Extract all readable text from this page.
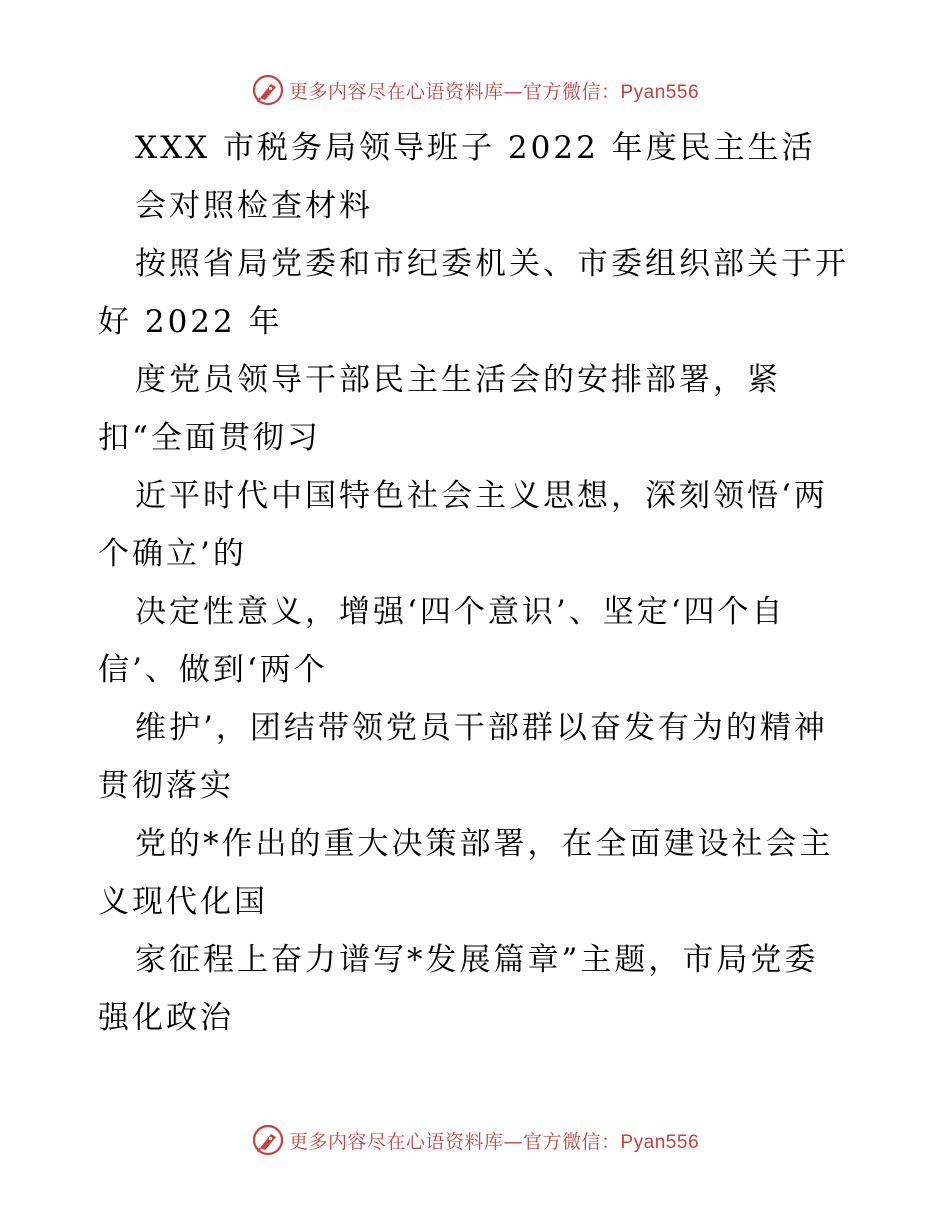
更多内容尽在心语资料库—官方微信：Pyan556
XXX 市税务局领导班子 2022 年度民主生活
会对照检查材料
按照省局党委和市纪委机关、市委组织部关于开
好 2022 年
度党员领导干部民主生活会的安排部署，紧
扣“全面贯彻习
近平时代中国特色社会主义思想，深刻领悟‘两
个确立’的
决定性意义，增强‘四个意识’、坚定‘四个自
信’、做到‘两个
维护’，团结带领党员干部群以奋发有为的精神
贯彻落实
党的*作出的重大决策部署，在全面建设社会主
义现代化国
家征程上奋力谱写*发展篇章”主题，市局党委
强化政治
更多内容尽在心语资料库—官方微信：Pyan556
